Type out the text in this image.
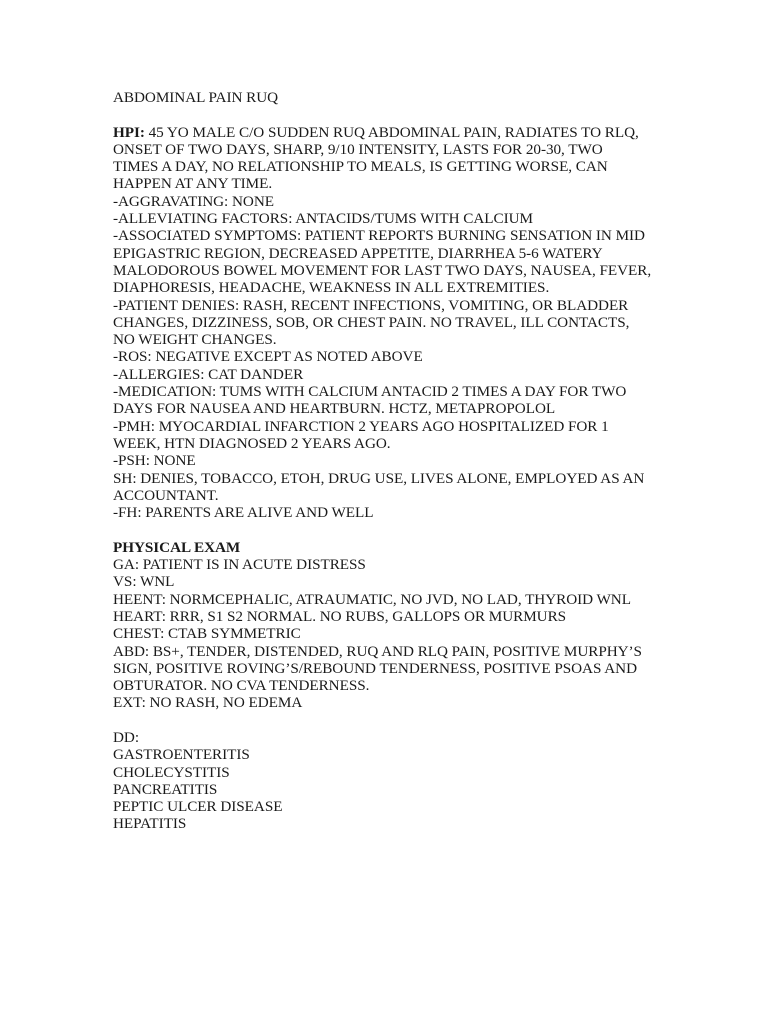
ABDOMINAL PAIN RUQ
HPI: 45 YO MALE C/O SUDDEN RUQ ABDOMINAL PAIN, RADIATES TO RLQ,
ONSET OF TWO DAYS, SHARP, 9/10 INTENSITY, LASTS FOR 20-30, TWO
TIMES A DAY, NO RELATIONSHIP TO MEALS, IS GETTING WORSE, CAN
HAPPEN AT ANY TIME.
-AGGRAVATING: NONE
-ALLEVIATING FACTORS: ANTACIDS/TUMS WITH CALCIUM
-ASSOCIATED SYMPTOMS: PATIENT REPORTS BURNING SENSATION IN MID
EPIGASTRIC REGION, DECREASED APPETITE, DIARRHEA 5-6 WATERY
MALODOROUS BOWEL MOVEMENT FOR LAST TWO DAYS, NAUSEA, FEVER,
DIAPHORESIS, HEADACHE, WEAKNESS IN ALL EXTREMITIES.
-PATIENT DENIES: RASH, RECENT INFECTIONS, VOMITING, OR BLADDER
CHANGES, DIZZINESS, SOB, OR CHEST PAIN. NO TRAVEL, ILL CONTACTS,
NO WEIGHT CHANGES.
-ROS: NEGATIVE EXCEPT AS NOTED ABOVE
-ALLERGIES: CAT DANDER
-MEDICATION: TUMS WITH CALCIUM ANTACID 2 TIMES A DAY FOR TWO
DAYS FOR NAUSEA AND HEARTBURN. HCTZ, METAPROPOLOL
-PMH: MYOCARDIAL INFARCTION 2 YEARS AGO HOSPITALIZED FOR 1
WEEK, HTN DIAGNOSED 2 YEARS AGO.
-PSH: NONE
SH: DENIES, TOBACCO, ETOH, DRUG USE, LIVES ALONE, EMPLOYED AS AN
ACCOUNTANT.
-FH: PARENTS ARE ALIVE AND WELL
PHYSICAL EXAM
GA: PATIENT IS IN ACUTE DISTRESS
VS: WNL
HEENT: NORMCEPHALIC, ATRAUMATIC, NO JVD, NO LAD, THYROID WNL
HEART: RRR, S1 S2 NORMAL. NO RUBS, GALLOPS OR MURMURS
CHEST: CTAB SYMMETRIC
ABD: BS+, TENDER, DISTENDED, RUQ AND RLQ PAIN, POSITIVE MURPHY’S
SIGN, POSITIVE ROVING’S/REBOUND TENDERNESS, POSITIVE PSOAS AND
OBTURATOR. NO CVA TENDERNESS.
EXT: NO RASH, NO EDEMA
DD:
GASTROENTERITIS
CHOLECYSTITIS
PANCREATITIS
PEPTIC ULCER DISEASE
HEPATITIS
